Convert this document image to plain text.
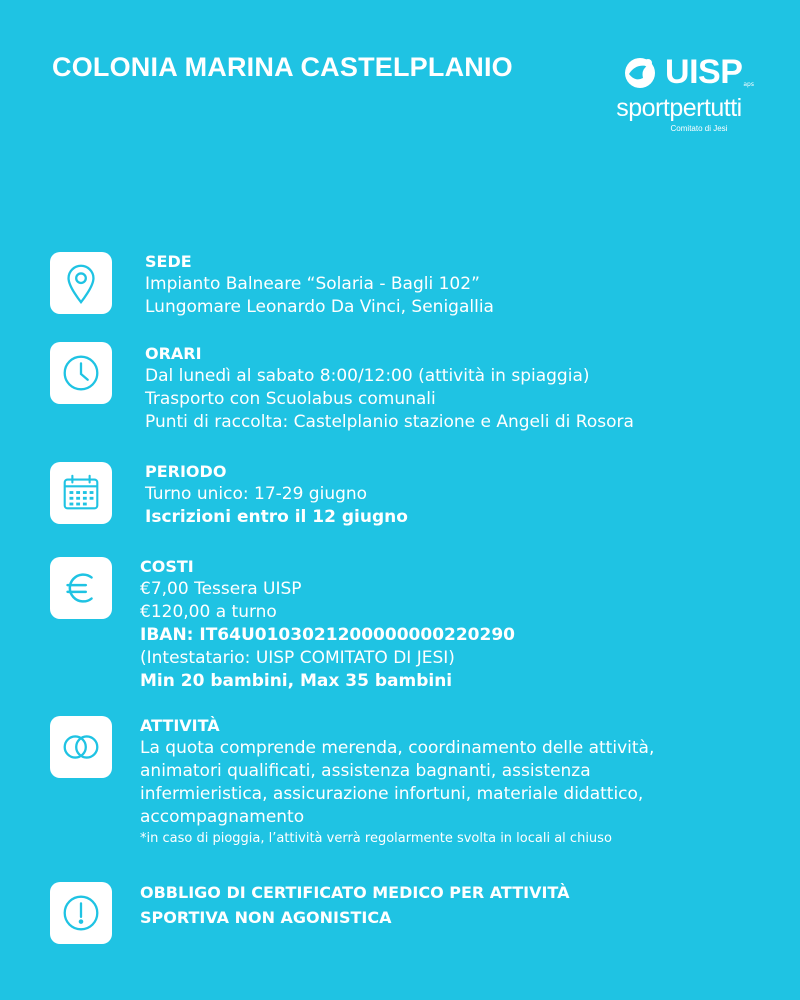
COLONIA MARINA CASTELPLANIO	UISP aps
sportpertutti
Comitato di Jesi
SEDE
Impianto Balneare “Solaria - Bagli 102”
Lungomare Leonardo Da Vinci, Senigallia
ORARI
Dal lunedì al sabato 8:00/12:00 (attività in spiaggia)
Trasporto con Scuolabus comunali
Punti di raccolta: Castelplanio stazione e Angeli di Rosora
PERIODO
Turno unico: 17-29 giugno
Iscrizioni entro il 12 giugno
COSTI
€7,00 Tessera UISP
€120,00 a turno
IBAN: IT64U0103021200000000220290
(Intestatario: UISP COMITATO DI JESI)
Min 20 bambini, Max 35 bambini
ATTIVITÀ
La quota comprende merenda, coordinamento delle attività,
animatori qualificati, assistenza bagnanti, assistenza
infermieristica, assicurazione infortuni, materiale didattico,
accompagnamento
*in caso di pioggia, l’attività verrà regolarmente svolta in locali al chiuso
OBBLIGO DI CERTIFICATO MEDICO PER ATTIVITÀ
SPORTIVA NON AGONISTICA
